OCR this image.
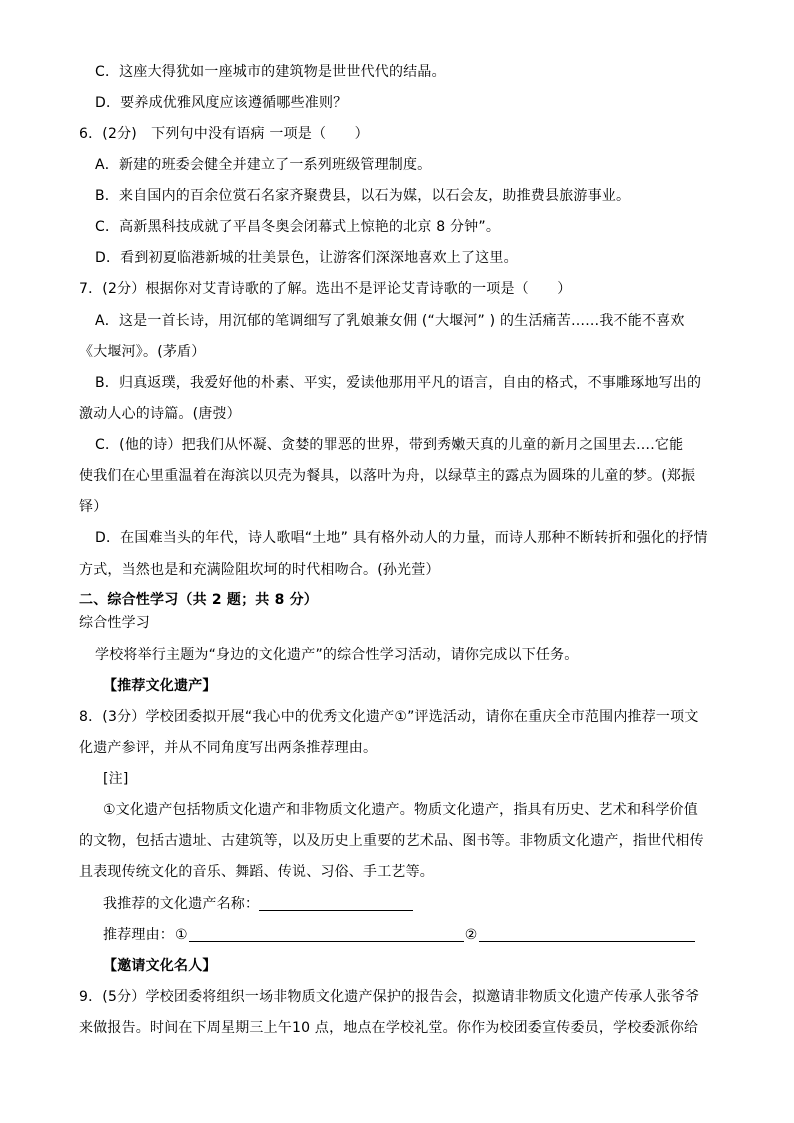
C．这座大得犹如一座城市的建筑物是世世代代的结晶。
D．要养成优雅风度应该遵循哪些准则？
6．(2分)　下列句中没有语病 一项是（　　）
A．新建的班委会健全并建立了一系列班级管理制度。
B．来自国内的百余位赏石名家齐聚费县，以石为媒，以石会友，助推费县旅游事业。
C．高新黑科技成就了平昌冬奥会闭幕式上惊艳的北京 8 分钟”。
D．看到初夏临港新城的壮美景色，让游客们深深地喜欢上了这里。
7．(2分）根据你对艾青诗歌的了解。选出不是评论艾青诗歌的一项是（　　）
A．这是一首长诗，用沉郁的笔调细写了乳娘兼女佣 (“大堰河” ) 的生活痛苦……我不能不喜欢
《大堰河》。(茅盾）
B．归真返璞，我爱好他的朴素、平实，爱读他那用平凡的语言，自由的格式，不事雕琢地写出的
激动人心的诗篇。(唐弢）
C．(他的诗）把我们从怀凝、贪婪的罪恶的世界，带到秀嫩天真的儿童的新月之国里去….它能
使我们在心里重温着在海滨以贝壳为餐具，以落叶为舟，以绿草主的露点为圆珠的儿童的梦。(郑振
铎）
D．在国难当头的年代，诗人歌唱“土地” 具有格外动人的力量，而诗人那种不断转折和强化的抒情
方式，当然也是和充满险阻坎坷的时代相吻合。(孙光萱）
二、综合性学习（共 2 题；共 8 分）
综合性学习
学校将举行主题为“身边的文化遗产”的综合性学习活动，请你完成以下任务。
【推荐文化遗产】
8．(3分）学校团委拟开展“我心中的优秀文化遗产①”评选活动，请你在重庆全市范围内推荐一项文
化遗产参评，并从不同角度写出两条推荐理由。
[注]
①文化遗产包括物质文化遗产和非物质文化遗产。物质文化遗产，指具有历史、艺术和科学价值
的文物，包括古遗址、古建筑等，以及历史上重要的艺术品、图书等。非物质文化遗产，指世代相传
且表现传统文化的音乐、舞蹈、传说、习俗、手工艺等。
我推荐的文化遗产名称：
推荐理由：①	②
【邀请文化名人】
9．(5分）学校团委将组织一场非物质文化遗产保护的报告会，拟邀请非物质文化遗产传承人张爷爷
来做报告。时间在下周星期三上午10 点，地点在学校礼堂。你作为校团委宣传委员，学校委派你给
